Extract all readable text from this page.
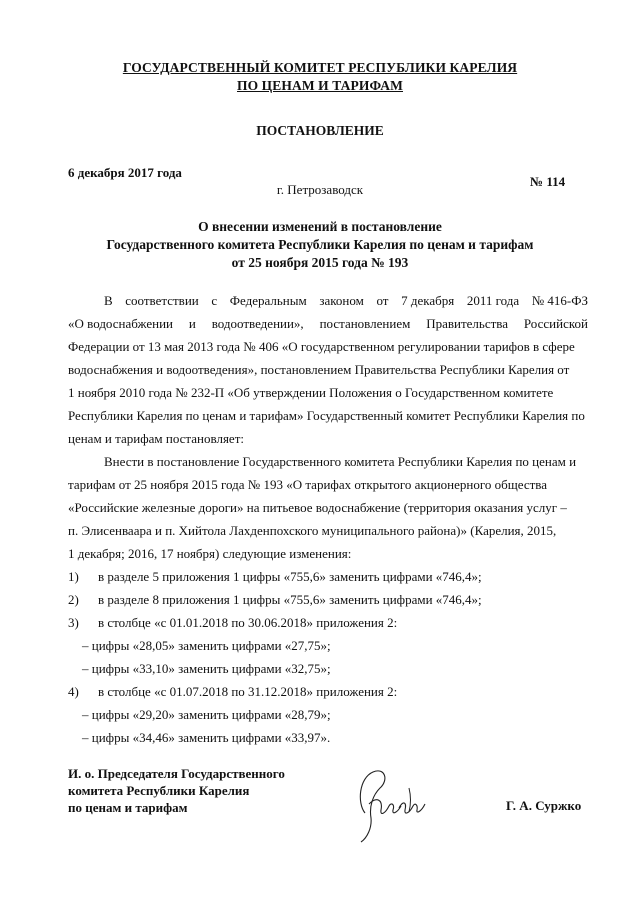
ГОСУДАРСТВЕННЫЙ КОМИТЕТ РЕСПУБЛИКИ КАРЕЛИЯ
ПО ЦЕНАМ И ТАРИФАМ
ПОСТАНОВЛЕНИЕ
6 декабря 2017 года
№ 114
г. Петрозаводск
О внесении изменений в постановление
Государственного комитета Республики Карелия по ценам и тарифам
от 25 ноября 2015 года № 193
В соответствии с Федеральным законом от 7 декабря 2011 года № 416-ФЗ
«О водоснабжении и водоотведении», постановлением Правительства Российской
Федерации от 13 мая 2013 года № 406 «О государственном регулировании тарифов в сфере
водоснабжения и водоотведения», постановлением Правительства Республики Карелия от
1 ноября 2010 года № 232-П «Об утверждении Положения о Государственном комитете
Республики Карелия по ценам и тарифам» Государственный комитет Республики Карелия по
ценам и тарифам постановляет:
Внести в постановление Государственного комитета Республики Карелия по ценам и
тарифам от 25 ноября 2015 года № 193 «О тарифах открытого акционерного общества
«Российские железные дороги» на питьевое водоснабжение (территория оказания услуг –
п. Элисенваара и п. Хийтола Лахденпохского муниципального района)» (Карелия, 2015,
1 декабря; 2016, 17 ноября) следующие изменения:
1) в разделе 5 приложения 1 цифры «755,6» заменить цифрами «746,4»;
2) в разделе 8 приложения 1 цифры «755,6» заменить цифрами «746,4»;
3) в столбце «с 01.01.2018 по 30.06.2018» приложения 2:
– цифры «28,05» заменить цифрами «27,75»;
– цифры «33,10» заменить цифрами «32,75»;
4) в столбце «с 01.07.2018 по 31.12.2018» приложения 2:
– цифры «29,20» заменить цифрами «28,79»;
– цифры «34,46» заменить цифрами «33,97».
И. о. Председателя Государственного
комитета Республики Карелия
по ценам и тарифам	Г. А. Суржко
